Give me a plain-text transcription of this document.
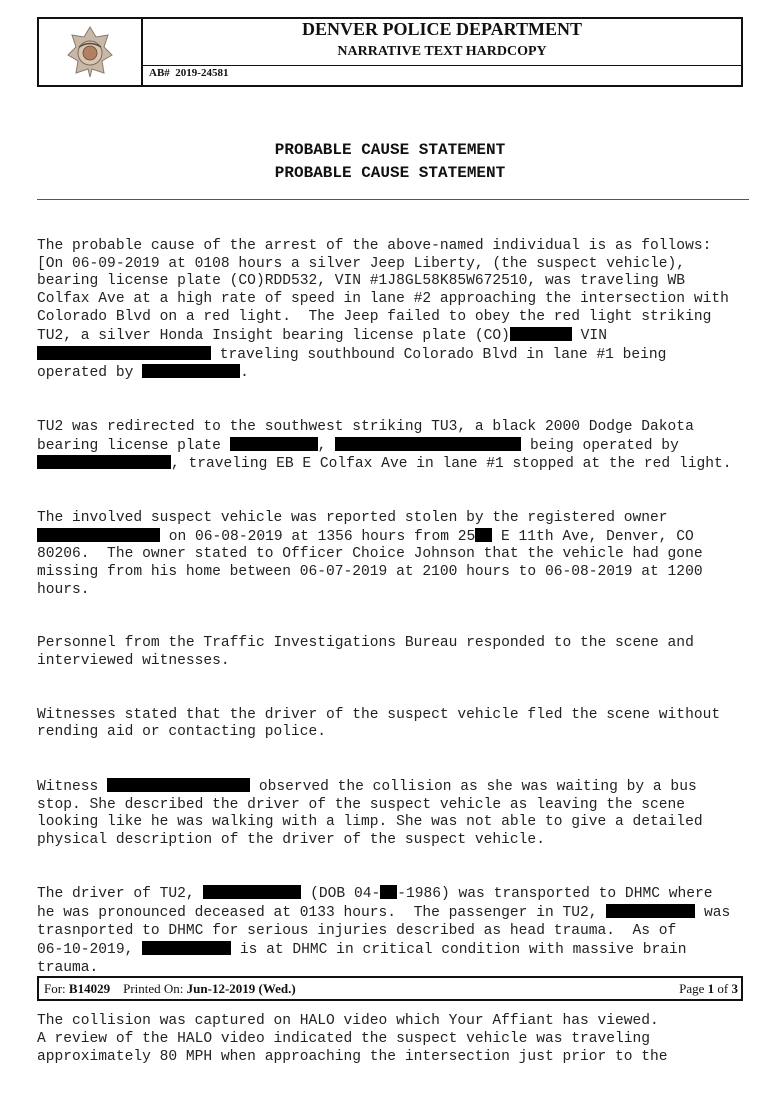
DENVER POLICE DEPARTMENT
NARRATIVE TEXT HARDCOPY
AB# 2019-24581
PROBABLE CAUSE STATEMENT
PROBABLE CAUSE STATEMENT

The probable cause of the arrest of the above-named individual is as follows:
[On 06-09-2019 at 0108 hours a silver Jeep Liberty, (the suspect vehicle),
bearing license plate (CO)RDD532, VIN #1J8GL58K85W672510, was traveling WB
Colfax Ave at a high rate of speed in lane #2 approaching the intersection with
Colorado Blvd on a red light.  The Jeep failed to obey the red light striking
TU2, a silver Honda Insight bearing license plate (CO)	VIN
traveling southbound Colorado Blvd in lane #1 being
operated by	.

TU2 was redirected to the southwest striking TU3, a black 2000 Dodge Dakota
bearing license plate	,	being operated by
, traveling EB E Colfax Ave in lane #1 stopped at the red light.

The involved suspect vehicle was reported stolen by the registered owner
on 06-08-2019 at 1356 hours from 25 E 11th Ave, Denver, CO
80206.  The owner stated to Officer Choice Johnson that the vehicle had gone
missing from his home between 06-07-2019 at 2100 hours to 06-08-2019 at 1200
hours.

Personnel from the Traffic Investigations Bureau responded to the scene and
interviewed witnesses.

Witnesses stated that the driver of the suspect vehicle fled the scene without
rending aid or contacting police.

Witness	observed the collision as she was waiting by a bus
stop. She described the driver of the suspect vehicle as leaving the scene
looking like he was walking with a limp. She was not able to give a detailed
physical description of the driver of the suspect vehicle.

The driver of TU2,	(DOB 04- -1986) was transported to DHMC where
he was pronounced deceased at 0133 hours.  The passenger in TU2,	was
trasnported to DHMC for serious injuries described as head trauma.  As of
06-10-2019,	is at DHMC in critical condition with massive brain
trauma.

The collision was captured on HALO video which Your Affiant has viewed.
A review of the HALO video indicated the suspect vehicle was traveling
approximately 80 MPH when approaching the intersection just prior to the

For: B14029 Printed On: Jun-12-2019 (Wed.)	Page 1 of 3
